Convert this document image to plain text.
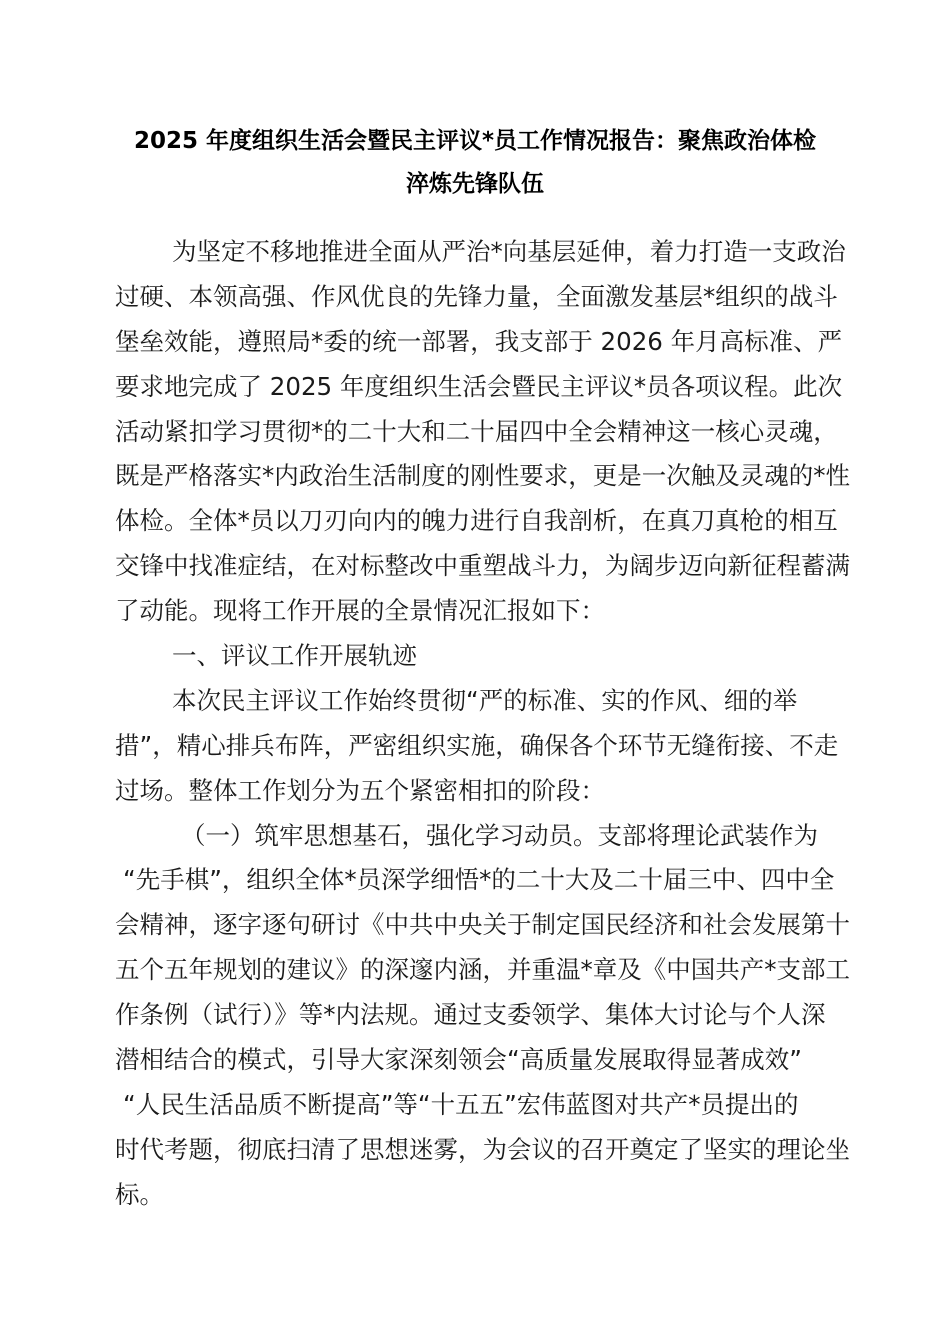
2025 年度组织生活会暨民主评议*员工作情况报告：聚焦政治体检
淬炼先锋队伍
为坚定不移地推进全面从严治*向基层延伸，着力打造一支政治
过硬、本领高强、作风优良的先锋力量，全面激发基层*组织的战斗
堡垒效能，遵照局*委的统一部署，我支部于 2026 年月高标准、严
要求地完成了 2025 年度组织生活会暨民主评议*员各项议程。此次
活动紧扣学习贯彻*的二十大和二十届四中全会精神这一核心灵魂，
既是严格落实*内政治生活制度的刚性要求，更是一次触及灵魂的*性
体检。全体*员以刀刃向内的魄力进行自我剖析，在真刀真枪的相互
交锋中找准症结，在对标整改中重塑战斗力，为阔步迈向新征程蓄满
了动能。现将工作开展的全景情况汇报如下：
一、评议工作开展轨迹
本次民主评议工作始终贯彻“严的标准、实的作风、细的举
措”，精心排兵布阵，严密组织实施，确保各个环节无缝衔接、不走
过场。整体工作划分为五个紧密相扣的阶段：
（一）筑牢思想基石，强化学习动员。支部将理论武装作为
“先手棋”，组织全体*员深学细悟*的二十大及二十届三中、四中全
会精神，逐字逐句研讨《中共中央关于制定国民经济和社会发展第十
五个五年规划的建议》的深邃内涵，并重温*章及《中国共产*支部工
作条例（试行）》等*内法规。通过支委领学、集体大讨论与个人深
潜相结合的模式，引导大家深刻领会“高质量发展取得显著成效”
“人民生活品质不断提高”等“十五五”宏伟蓝图对共产*员提出的
时代考题，彻底扫清了思想迷雾，为会议的召开奠定了坚实的理论坐
标。
